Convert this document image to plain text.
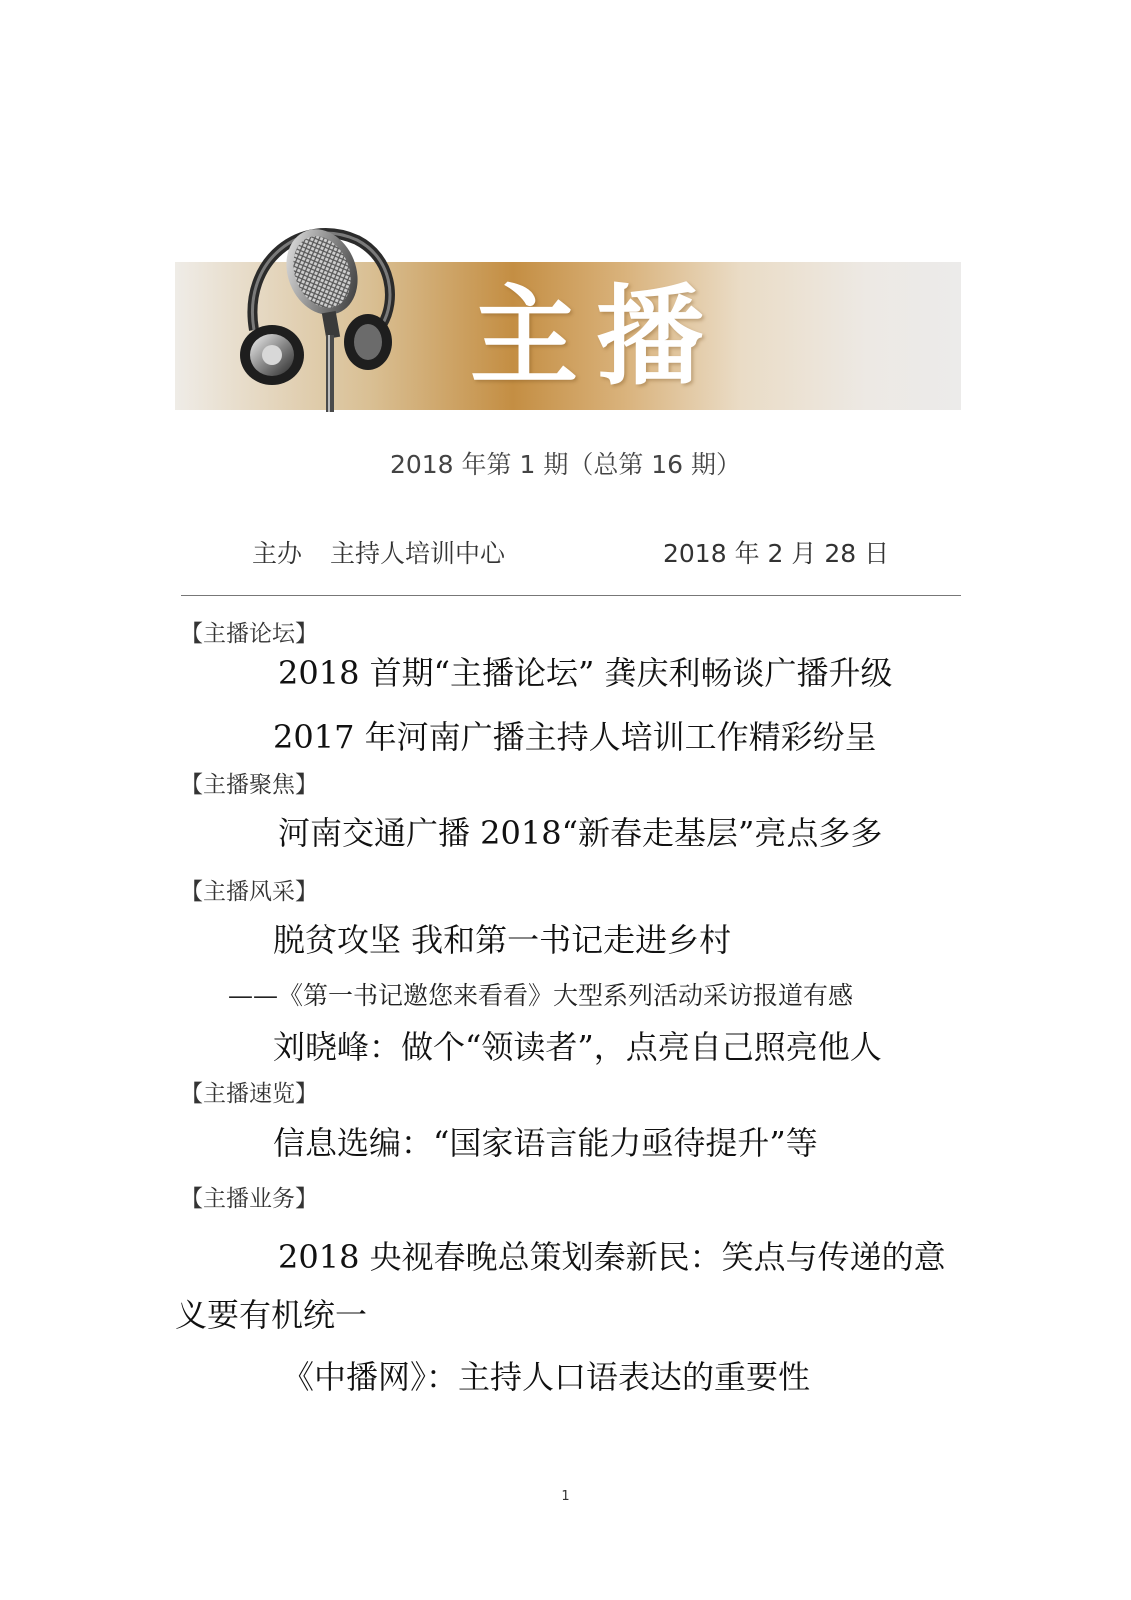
主播
2018 年第 1 期（总第 16 期）
主办 主持人培训中心	2018 年 2 月 28 日
【主播论坛】
2018 首期“主播论坛” 龚庆利畅谈广播升级
2017 年河南广播主持人培训工作精彩纷呈
【主播聚焦】
河南交通广播 2018“新春走基层”亮点多多
【主播风采】
脱贫攻坚 我和第一书记走进乡村
——《第一书记邀您来看看》大型系列活动采访报道有感
刘晓峰：做个“领读者”，点亮自己照亮他人
【主播速览】
信息选编：“国家语言能力亟待提升”等
【主播业务】
2018 央视春晚总策划秦新民：笑点与传递的意义要有机统一
《中播网》：主持人口语表达的重要性
1
